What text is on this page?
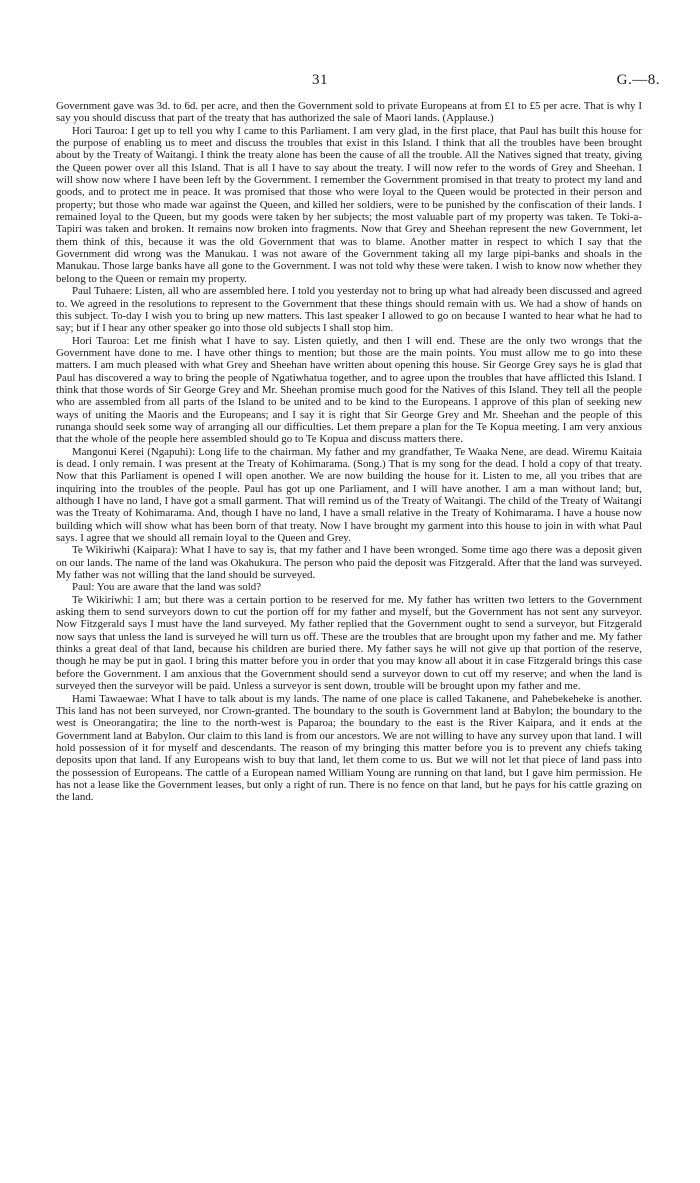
31	G.—8.

Government gave was 3d. to 6d. per acre, and then the Government sold to private Europeans at from £1 to £5 per acre. That is why I say you should discuss that part of the treaty that has authorized the sale of Maori lands. (Applause.)

Hori Tauroa: I get up to tell you why I came to this Parliament. I am very glad, in the first place, that Paul has built this house for the purpose of enabling us to meet and discuss the troubles that exist in this Island. I think that all the troubles have been brought about by the Treaty of Waitangi. I think the treaty alone has been the cause of all the trouble. All the Natives signed that treaty, giving the Queen power over all this Island. That is all I have to say about the treaty. I will now refer to the words of Grey and Sheehan. I will show now where I have been left by the Government. I remember the Government promised in that treaty to protect my land and goods, and to protect me in peace. It was promised that those who were loyal to the Queen would be protected in their person and property; but those who made war against the Queen, and killed her soldiers, were to be punished by the confiscation of their lands. I remained loyal to the Queen, but my goods were taken by her subjects; the most valuable part of my property was taken. Te Toki-a-Tapiri was taken and broken. It remains now broken into fragments. Now that Grey and Sheehan represent the new Government, let them think of this, because it was the old Government that was to blame. Another matter in respect to which I say that the Government did wrong was the Manukau. I was not aware of the Government taking all my large pipi-banks and shoals in the Manukau. Those large banks have all gone to the Government. I was not told why these were taken. I wish to know now whether they belong to the Queen or remain my property.

Paul Tuhaere: Listen, all who are assembled here. I told you yesterday not to bring up what had already been discussed and agreed to. We agreed in the resolutions to represent to the Government that these things should remain with us. We had a show of hands on this subject. To-day I wish you to bring up new matters. This last speaker I allowed to go on because I wanted to hear what he had to say; but if I hear any other speaker go into those old subjects I shall stop him.

Hori Tauroa: Let me finish what I have to say. Listen quietly, and then I will end. These are the only two wrongs that the Government have done to me. I have other things to mention; but those are the main points. You must allow me to go into these matters. I am much pleased with what Grey and Sheehan have written about opening this house. Sir George Grey says he is glad that Paul has discovered a way to bring the people of Ngatiwhatua together, and to agree upon the troubles that have afflicted this Island. I think that those words of Sir George Grey and Mr. Sheehan promise much good for the Natives of this Island. They tell all the people who are assembled from all parts of the Island to be united and to be kind to the Europeans. I approve of this plan of seeking new ways of uniting the Maoris and the Europeans; and I say it is right that Sir George Grey and Mr. Sheehan and the people of this runanga should seek some way of arranging all our difficulties. Let them prepare a plan for the Te Kopua meeting. I am very anxious that the whole of the people here assembled should go to Te Kopua and discuss matters there.

Mangonui Kerei (Ngapuhi): Long life to the chairman. My father and my grandfather, Te Waaka Nene, are dead. Wiremu Kaitaia is dead. I only remain. I was present at the Treaty of Kohimarama. (Song.) That is my song for the dead. I hold a copy of that treaty. Now that this Parliament is opened I will open another. We are now building the house for it. Listen to me, all you tribes that are inquiring into the troubles of the people. Paul has got up one Parliament, and I will have another. I am a man without land; but, although I have no land, I have got a small garment. That will remind us of the Treaty of Waitangi. The child of the Treaty of Waitangi was the Treaty of Kohimarama. And, though I have no land, I have a small relative in the Treaty of Kohimarama. I have a house now building which will show what has been born of that treaty. Now I have brought my garment into this house to join in with what Paul says. I agree that we should all remain loyal to the Queen and Grey.

Te Wikiriwhi (Kaipara): What I have to say is, that my father and I have been wronged. Some time ago there was a deposit given on our lands. The name of the land was Okahukura. The person who paid the deposit was Fitzgerald. After that the land was surveyed. My father was not willing that the land should be surveyed.

Paul: You are aware that the land was sold?

Te Wikiriwhi: I am; but there was a certain portion to be reserved for me. My father has written two letters to the Government asking them to send surveyors down to cut the portion off for my father and myself, but the Government has not sent any surveyor. Now Fitzgerald says I must have the land surveyed. My father replied that the Government ought to send a surveyor, but Fitzgerald now says that unless the land is surveyed he will turn us off. These are the troubles that are brought upon my father and me. My father thinks a great deal of that land, because his children are buried there. My father says he will not give up that portion of the reserve, though he may be put in gaol. I bring this matter before you in order that you may know all about it in case Fitzgerald brings this case before the Government. I am anxious that the Government should send a surveyor down to cut off my reserve; and when the land is surveyed then the surveyor will be paid. Unless a surveyor is sent down, trouble will be brought upon my father and me.

Hami Tawaewae: What I have to talk about is my lands. The name of one place is called Takanene, and Pahebekeheke is another. This land has not been surveyed, nor Crown-granted. The boundary to the south is Government land at Babylon; the boundary to the west is Oneorangatira; the line to the north-west is Paparoa; the boundary to the east is the River Kaipara, and it ends at the Government land at Babylon. Our claim to this land is from our ancestors. We are not willing to have any survey upon that land. I will hold possession of it for myself and descendants. The reason of my bringing this matter before you is to prevent any chiefs taking deposits upon that land. If any Europeans wish to buy that land, let them come to us. But we will not let that piece of land pass into the possession of Europeans. The cattle of a European named William Young are running on that land, but I gave him permission. He has not a lease like the Government leases, but only a right of run. There is no fence on that land, but he pays for his cattle grazing on the land.
